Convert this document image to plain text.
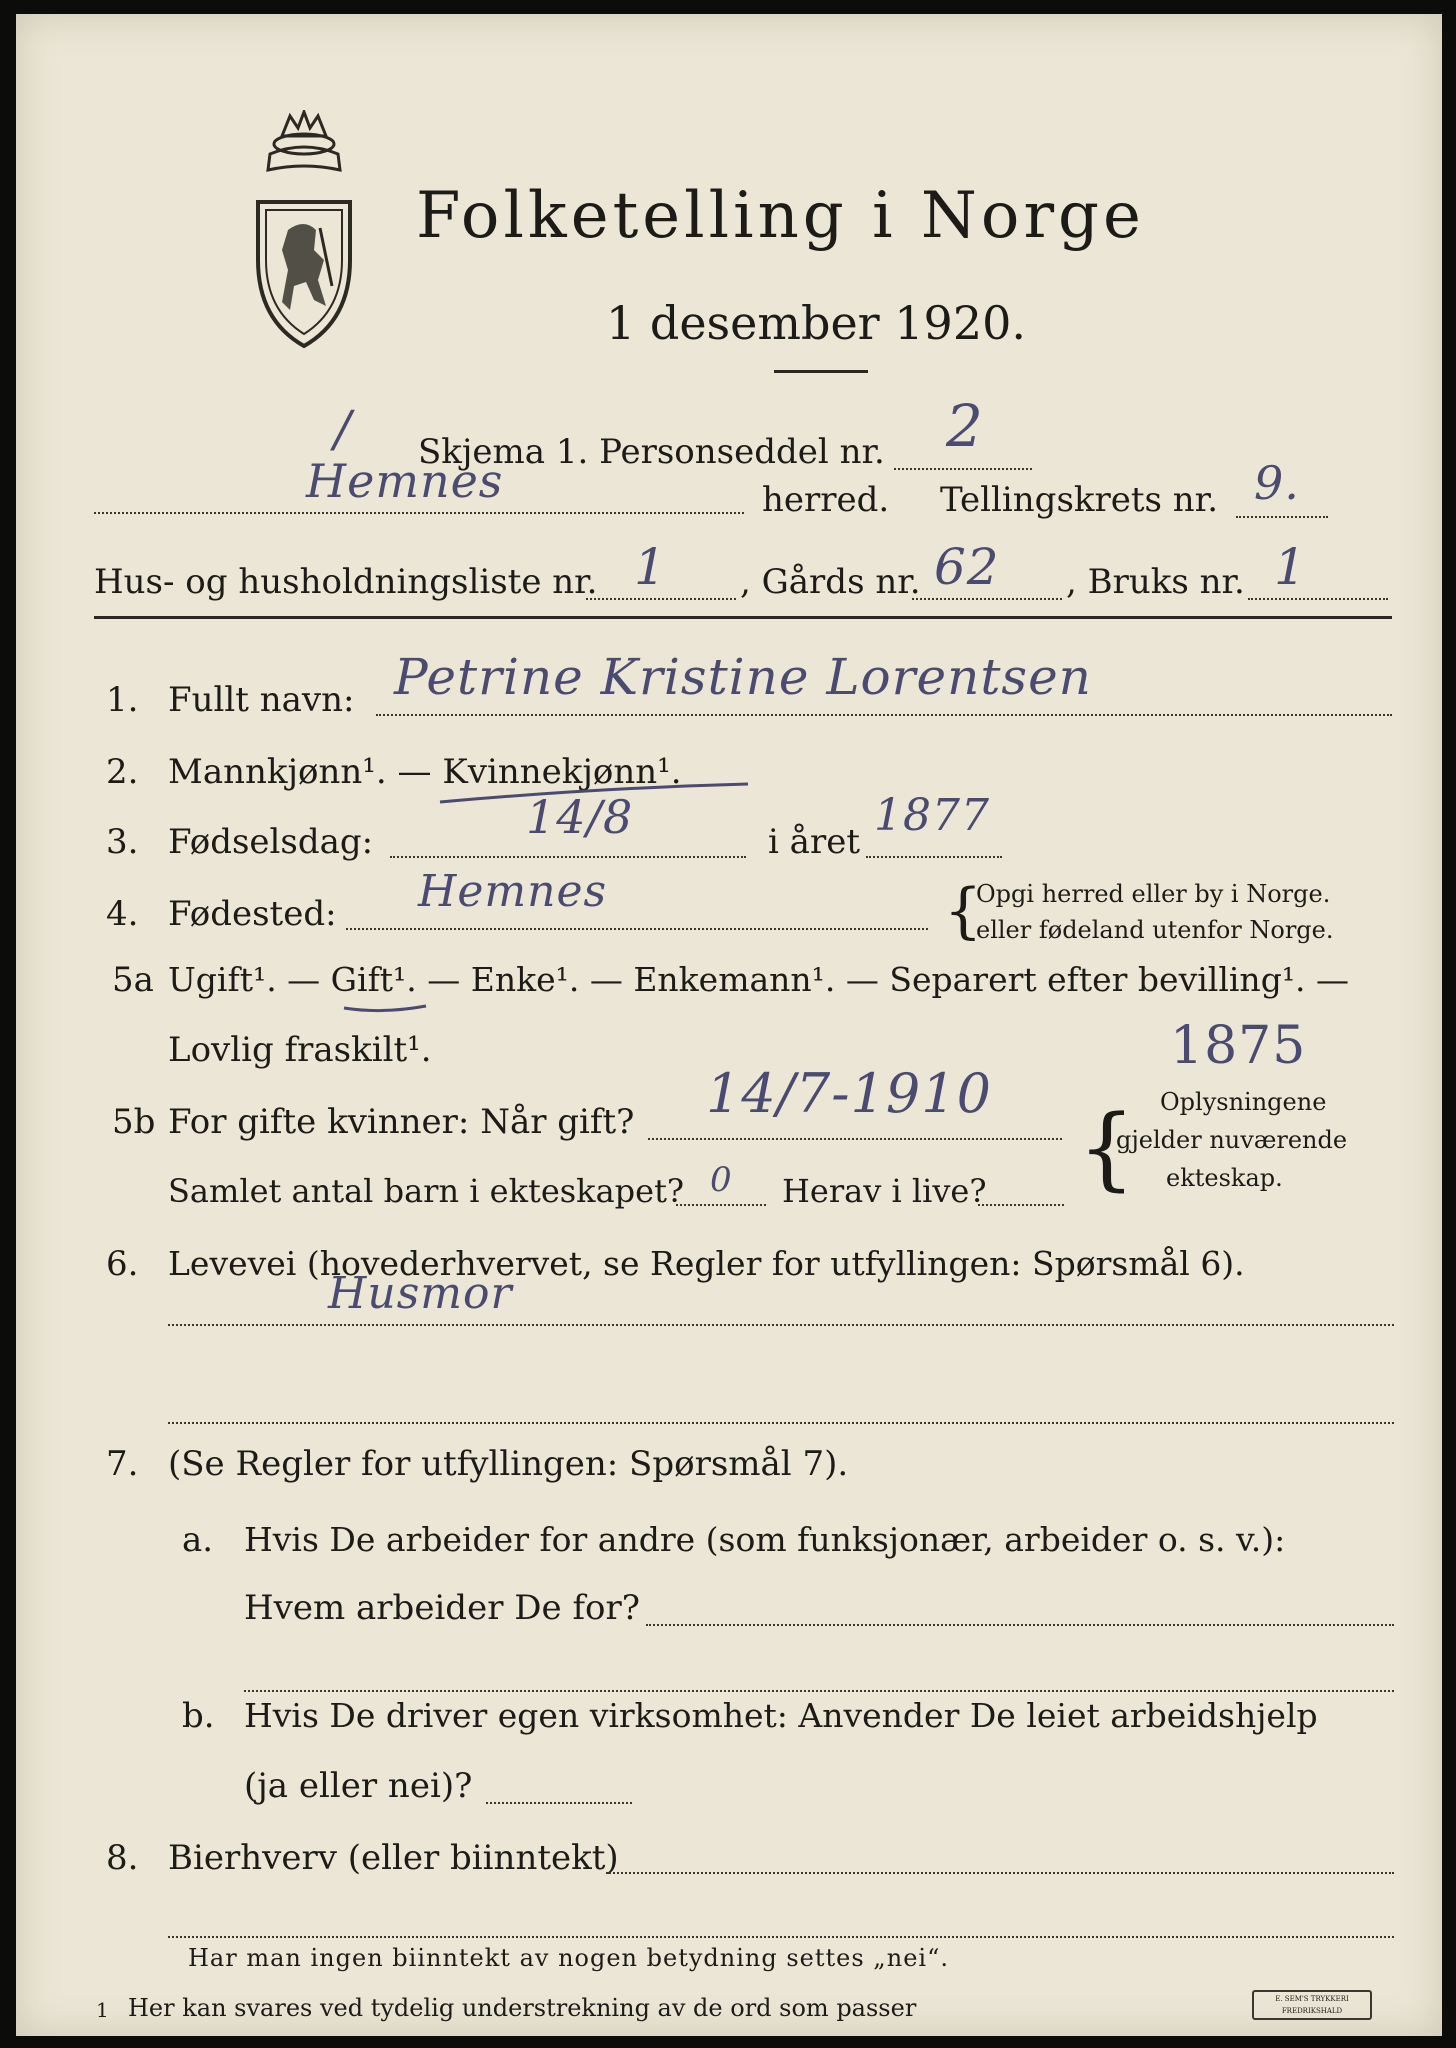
Folketelling i Norge
1 desember 1920.
/ Skjema 1. Personseddel nr. 2
Hemnes	herred. Tellingskrets nr. 9.
Hus- og husholdningsliste nr. 1 , Gårds nr. 62 , Bruks nr. 1
1. Fullt navn: Petrine Kristine Lorentsen
2. Mannkjønn¹. — Kvinnekjønn¹.
3. Fødselsdag:	14/8	i året
1877
4. Fødested: Hemnes	{
Opgi herred eller by i Norge.
eller fødeland utenfor Norge.
5a Ugift¹. — Gift¹. — Enke¹. — Enkemann¹. — Separert efter bevilling¹. —
Lovlig fraskilt¹.	1875
5b For gifte kvinner: Når gift? 14/7-1910
Samlet antal barn i ekteskapet? 0 Herav i live? { Oplysningene
gjelder nuværende
ekteskap.
6. Levevei (hovederhvervet, se Regler for utfyllingen: Spørsmål 6).
Husmor
7. (Se Regler for utfyllingen: Spørsmål 7).
a. Hvis De arbeider for andre (som funksjonær, arbeider o. s. v.):
Hvem arbeider De for?
b. Hvis De driver egen virksomhet: Anvender De leiet arbeidshjelp
(ja eller nei)?
8. Bierhverv (eller biinntekt)
Har man ingen biinntekt av nogen betydning settes „nei“.
1 Her kan svares ved tydelig understrekning av de ord som passer	E. SEM'S TRYKKERI FREDRIKSHALD
